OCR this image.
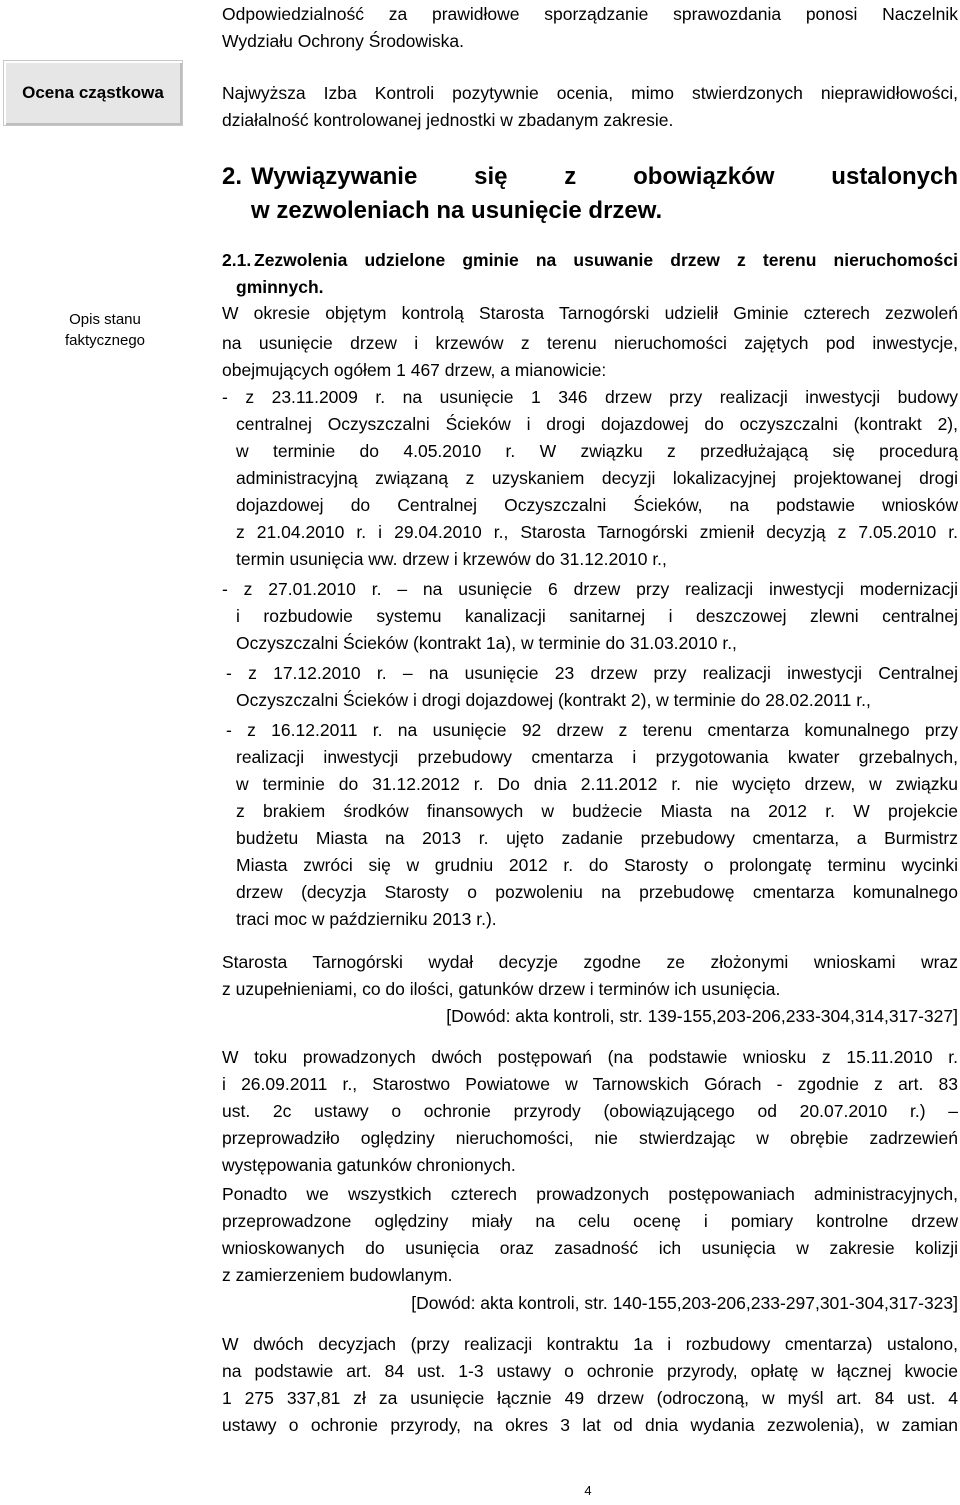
Ocena cząstkowa
Opis stanu
faktycznego
Odpowiedzialność za prawidłowe sporządzanie sprawozdania ponosi Naczelnik
Wydziału Ochrony Środowiska.
Najwyższa Izba Kontroli pozytywnie ocenia, mimo stwierdzonych nieprawidłowości,
działalność kontrolowanej jednostki w zbadanym zakresie.
2. Wywiązywanie się z obowiązków ustalonych
w zezwoleniach na usunięcie drzew.
2.1. Zezwolenia udzielone gminie na usuwanie drzew z terenu nieruchomości
gminnych.
W okresie objętym kontrolą Starosta Tarnogórski udzielił Gminie czterech zezwoleń
na usunięcie drzew i krzewów z terenu nieruchomości zajętych pod inwestycje,
obejmujących ogółem 1 467 drzew, a mianowicie:
- z 23.11.2009 r. na usunięcie 1 346 drzew przy realizacji inwestycji budowy
centralnej Oczyszczalni Ścieków i drogi dojazdowej do oczyszczalni (kontrakt 2),
w terminie do 4.05.2010 r. W związku z przedłużającą się procedurą
administracyjną związaną z uzyskaniem decyzji lokalizacyjnej projektowanej drogi
dojazdowej do Centralnej Oczyszczalni Ścieków, na podstawie wniosków
z 21.04.2010 r. i 29.04.2010 r., Starosta Tarnogórski zmienił decyzją z 7.05.2010 r.
termin usunięcia ww. drzew i krzewów do 31.12.2010 r.,
- z 27.01.2010 r. – na usunięcie 6 drzew przy realizacji inwestycji modernizacji
i rozbudowie systemu kanalizacji sanitarnej i deszczowej zlewni centralnej
Oczyszczalni Ścieków (kontrakt 1a), w terminie do 31.03.2010 r.,
- z 17.12.2010 r. – na usunięcie 23 drzew przy realizacji inwestycji Centralnej
Oczyszczalni Ścieków i drogi dojazdowej (kontrakt 2), w terminie do 28.02.2011 r.,
- z 16.12.2011 r. na usunięcie 92 drzew z terenu cmentarza komunalnego przy
realizacji inwestycji przebudowy cmentarza i przygotowania kwater grzebalnych,
w terminie do 31.12.2012 r. Do dnia 2.11.2012 r. nie wycięto drzew, w związku
z brakiem środków finansowych w budżecie Miasta na 2012 r. W projekcie
budżetu Miasta na 2013 r. ujęto zadanie przebudowy cmentarza, a Burmistrz
Miasta zwróci się w grudniu 2012 r. do Starosty o prolongatę terminu wycinki
drzew (decyzja Starosty o pozwoleniu na przebudowę cmentarza komunalnego
traci moc w październiku 2013 r.).
Starosta Tarnogórski wydał decyzje zgodne ze złożonymi wnioskami wraz
z uzupełnieniami, co do ilości, gatunków drzew i terminów ich usunięcia.
[Dowód: akta kontroli, str. 139-155,203-206,233-304,314,317-327]
W toku prowadzonych dwóch postępowań (na podstawie wniosku z 15.11.2010 r.
i 26.09.2011 r., Starostwo Powiatowe w Tarnowskich Górach - zgodnie z art. 83
ust. 2c ustawy o ochronie przyrody (obowiązującego od 20.07.2010 r.) –
przeprowadziło oględziny nieruchomości, nie stwierdzając w obrębie zadrzewień
występowania gatunków chronionych.
Ponadto we wszystkich czterech prowadzonych postępowaniach administracyjnych,
przeprowadzone oględziny miały na celu ocenę i pomiary kontrolne drzew
wnioskowanych do usunięcia oraz zasadność ich usunięcia w zakresie kolizji
z zamierzeniem budowlanym.
[Dowód: akta kontroli, str. 140-155,203-206,233-297,301-304,317-323]
W dwóch decyzjach (przy realizacji kontraktu 1a i rozbudowy cmentarza) ustalono,
na podstawie art. 84 ust. 1-3 ustawy o ochronie przyrody, opłatę w łącznej kwocie
1 275 337,81 zł za usunięcie łącznie 49 drzew (odroczoną, w myśl art. 84 ust. 4
ustawy o ochronie przyrody, na okres 3 lat od dnia wydania zezwolenia), w zamian
4
